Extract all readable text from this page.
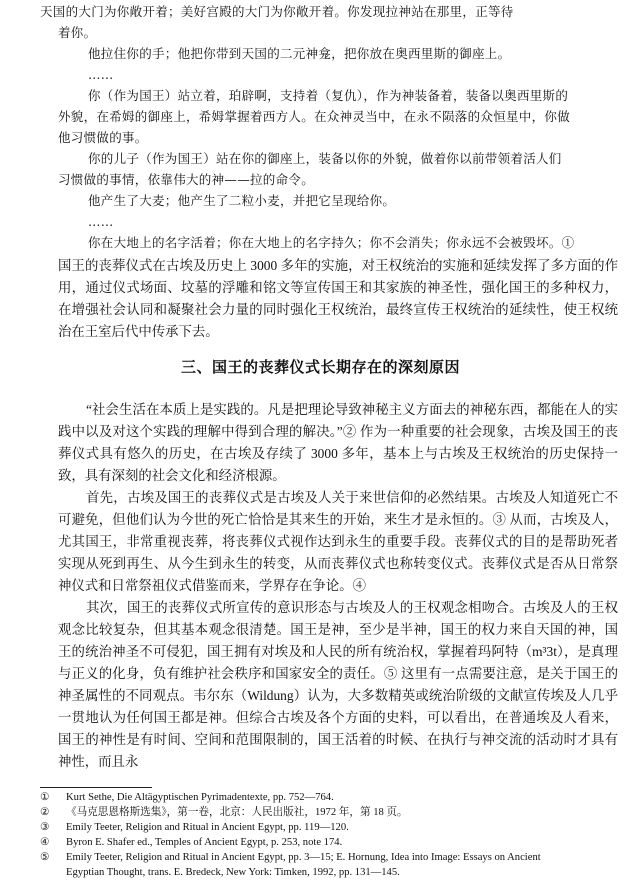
天国的大门为你敞开着；美好宫殿的大门为你敞开着。你发现拉神站在那里，正等待

着你。

他拉住你的手；他把你带到天国的二元神龛，把你放在奥西里斯的御座上。

……

你（作为国王）站立着，珀辟啊，支持着（复仇），作为神装备着，装备以奥西里斯的

外貌，在希姆的御座上，希姆掌握着西方人。在众神灵当中，在永不陨落的众恒星中，你做

他习惯做的事。

你的儿子（作为国王）站在你的御座上，装备以你的外貌，做着你以前带领着活人们

习惯做的事情，依靠伟大的神——拉的命令。

他产生了大麦；他产生了二粒小麦，并把它呈现给你。

……

你在大地上的名字活着；你在大地上的名字持久；你不会消失；你永远不会被毁坏。①

国王的丧葬仪式在古埃及历史上 3000 多年的实施，对王权统治的实施和延续发挥了多方面的作用，通过仪式场面、坟墓的浮雕和铭文等宣传国王和其家族的神圣性，强化国王的多种权力，在增强社会认同和凝聚社会力量的同时强化王权统治，最终宣传王权统治的延续性，使王权统治在王室后代中传承下去。

三、国王的丧葬仪式长期存在的深刻原因

“社会生活在本质上是实践的。凡是把理论导致神秘主义方面去的神秘东西，都能在人的实践中以及对这个实践的理解中得到合理的解决。”② 作为一种重要的社会现象，古埃及国王的丧葬仪式具有悠久的历史，在古埃及存续了 3000 多年，基本上与古埃及王权统治的历史保持一致，具有深刻的社会文化和经济根源。

首先，古埃及国王的丧葬仪式是古埃及人关于来世信仰的必然结果。古埃及人知道死亡不可避免，但他们认为今世的死亡恰恰是其来生的开始，来生才是永恒的。③ 从而，古埃及人，尤其国王，非常重视丧葬，将丧葬仪式视作达到永生的重要手段。丧葬仪式的目的是帮助死者实现从死到再生、从今生到永生的转变，从而丧葬仪式也称转变仪式。丧葬仪式是否从日常祭神仪式和日常祭祖仪式借鉴而来，学界存在争论。④

其次，国王的丧葬仪式所宣传的意识形态与古埃及人的王权观念相吻合。古埃及人的王权观念比较复杂，但其基本观念很清楚。国王是神，至少是半神，国王的权力来自天国的神，国王的统治神圣不可侵犯，国王拥有对埃及和人民的所有统治权，掌握着玛阿特（m³3t），是真理与正义的化身，负有维护社会秩序和国家安全的责任。⑤ 这里有一点需要注意，是关于国王的神圣属性的不同观点。韦尔东（Wildung）认为，大多数精英或统治阶级的文献宣传埃及人几乎一贯地认为任何国王都是神。但综合古埃及各个方面的史料，可以看出，在普通埃及人看来，国王的神性是有时间、空间和范围限制的，国王活着的时候、在执行与神交流的活动时才具有神性，而且永

① Kurt Sethe, Die Altägyptischen Pyrimadentexte, pp. 752—764.

② 《马克思恩格斯选集》，第一卷，北京：人民出版社，1972 年，第 18 页。

③ Emily Teeter, Religion and Ritual in Ancient Egypt, pp. 119—120.

④ Byron E. Shafer ed., Temples of Ancient Egypt, p. 253, note 174.

⑤ Emily Teeter, Religion and Ritual in Ancient Egypt, pp. 3—15; E. Hornung, Idea into Image: Essays on Ancient

Egyptian Thought, trans. E. Bredeck, New York: Timken, 1992, pp. 131—145.
